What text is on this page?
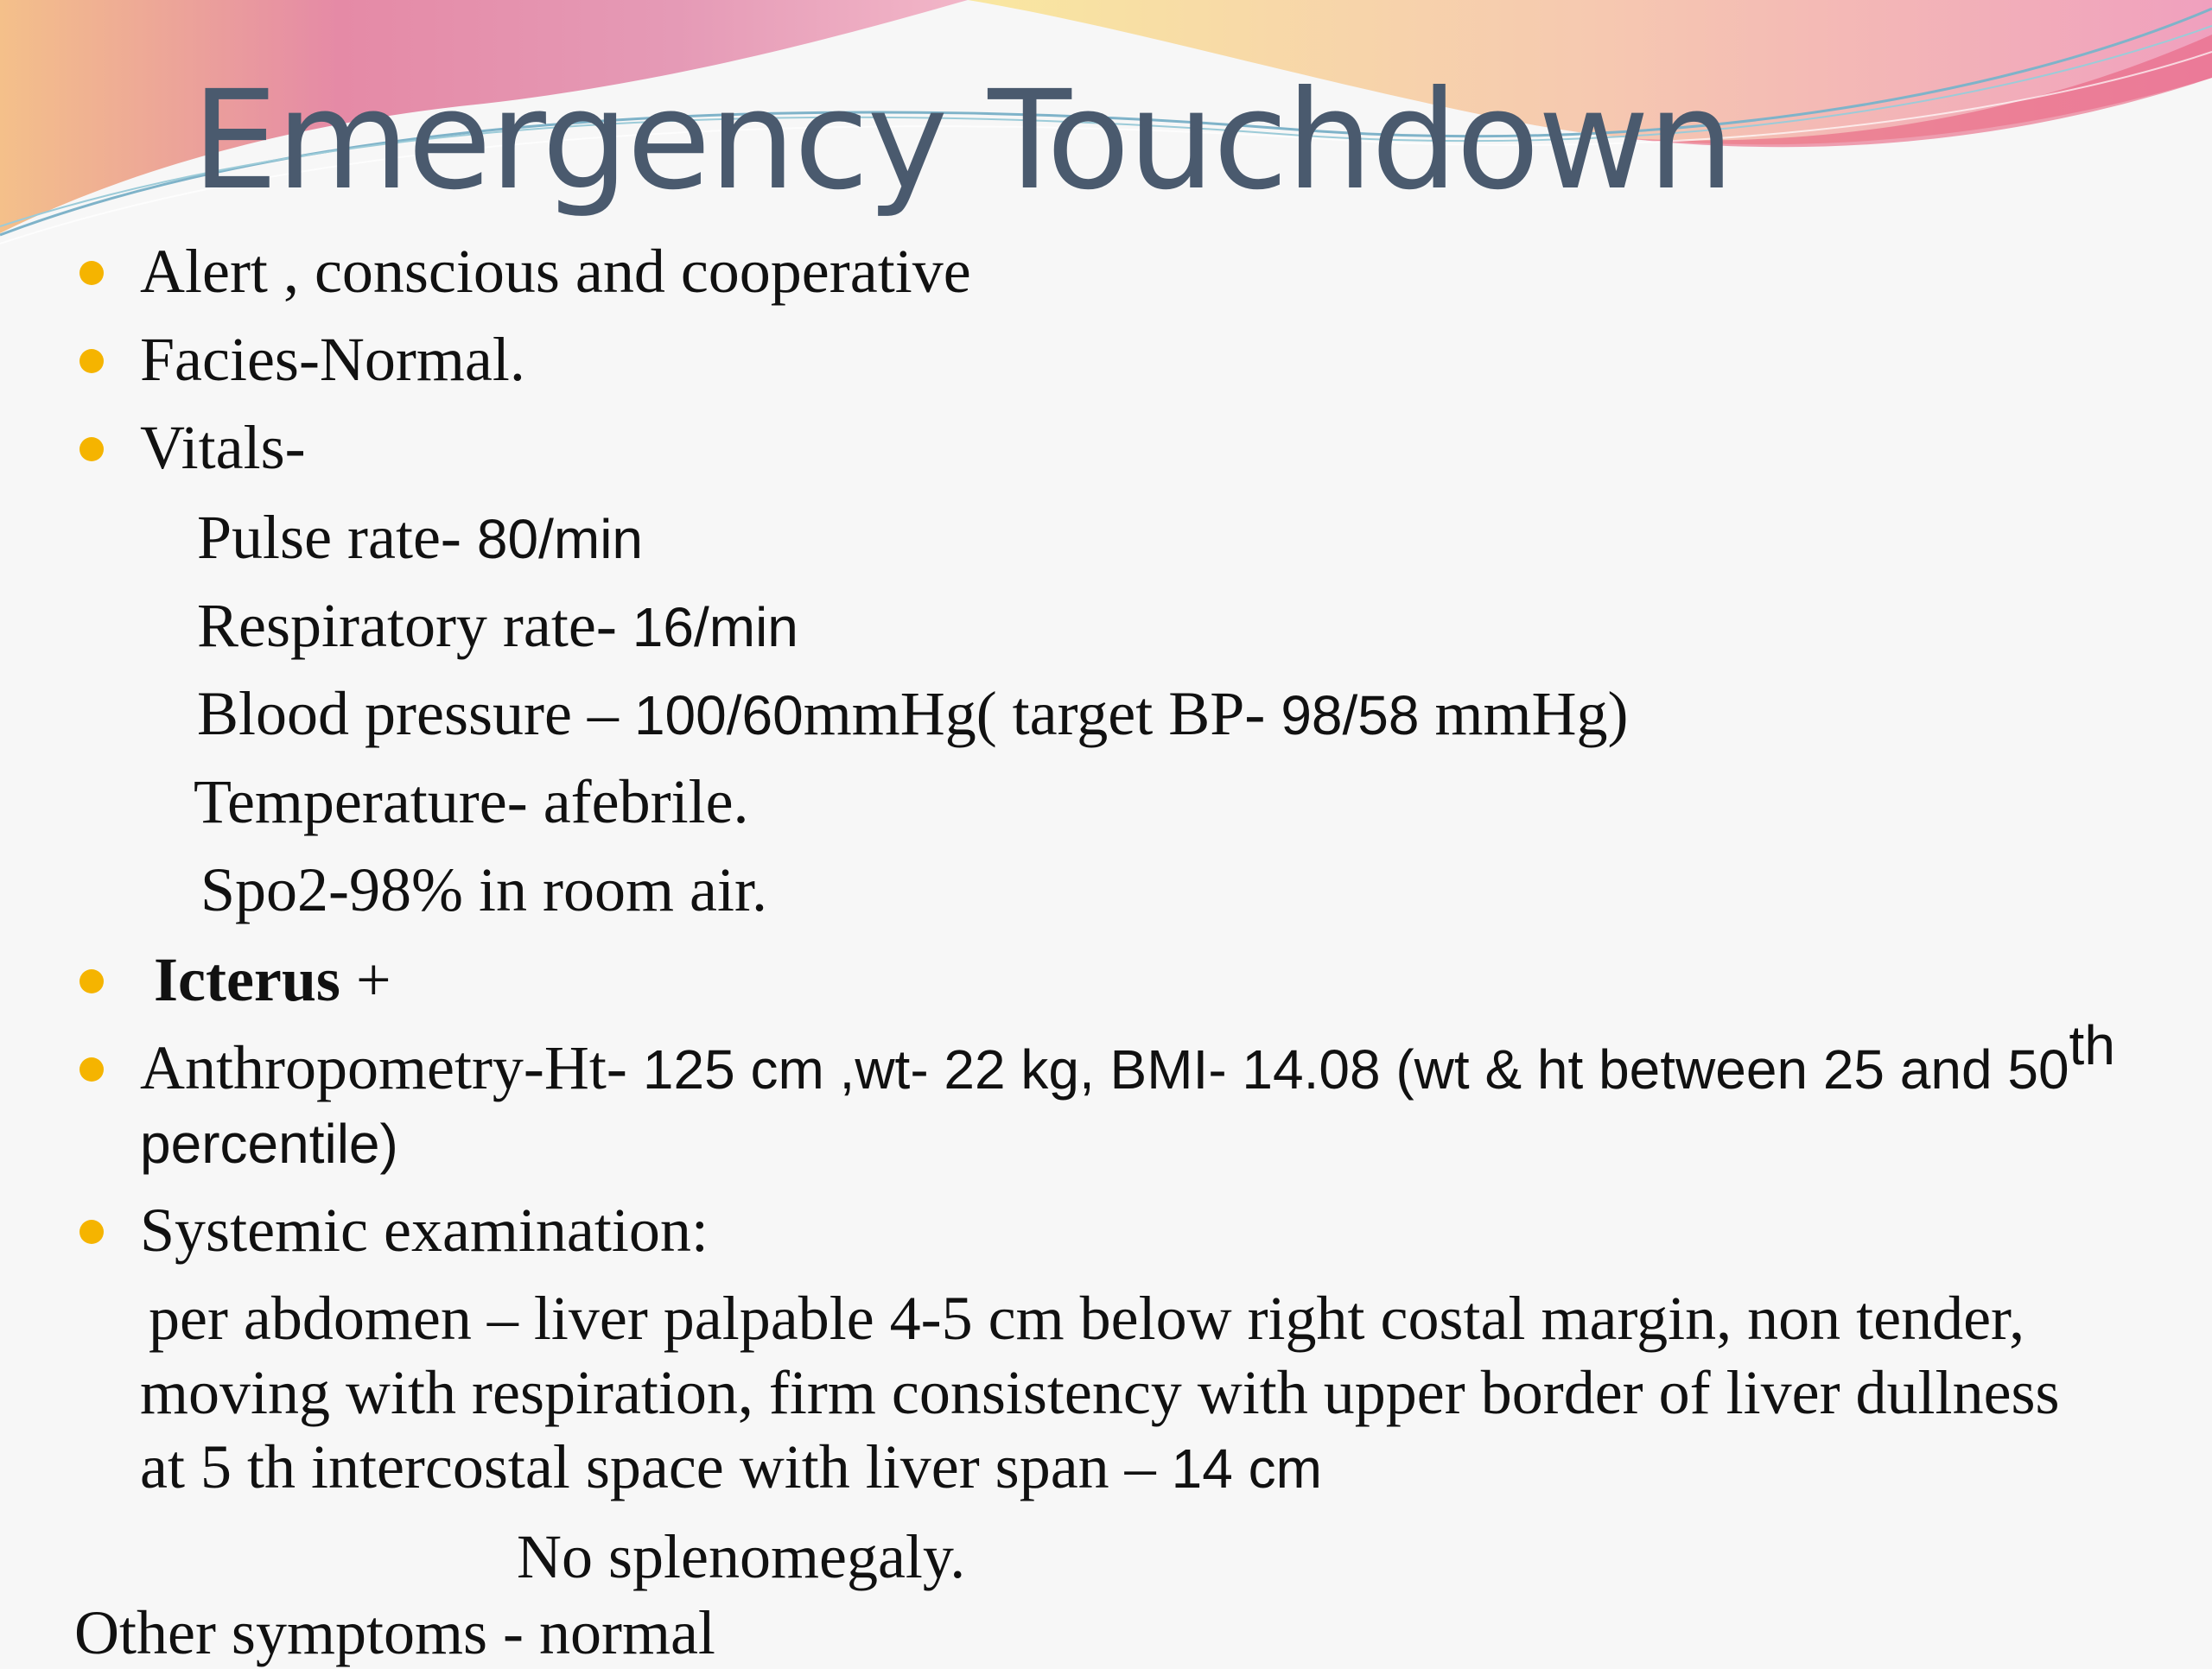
Emergency Touchdown
Alert , conscious and cooperative
Facies-Normal.
Vitals-
Pulse rate- 80/min
Respiratory rate- 16/min
Blood pressure – 100/60mmHg( target BP- 98/58 mmHg)
Temperature- afebrile.
Spo2-98% in room air.
Icterus +
Anthropometry-Ht- 125 cm ,wt- 22 kg, BMI- 14.08 (wt & ht between 25 and 50th percentile)
Systemic examination:
per abdomen – liver palpable 4-5 cm below right costal margin, non tender,
moving with respiration, firm consistency with upper border of liver dullness
at 5 th intercostal space with liver span – 14 cm
No splenomegaly.
Other symptoms - normal
